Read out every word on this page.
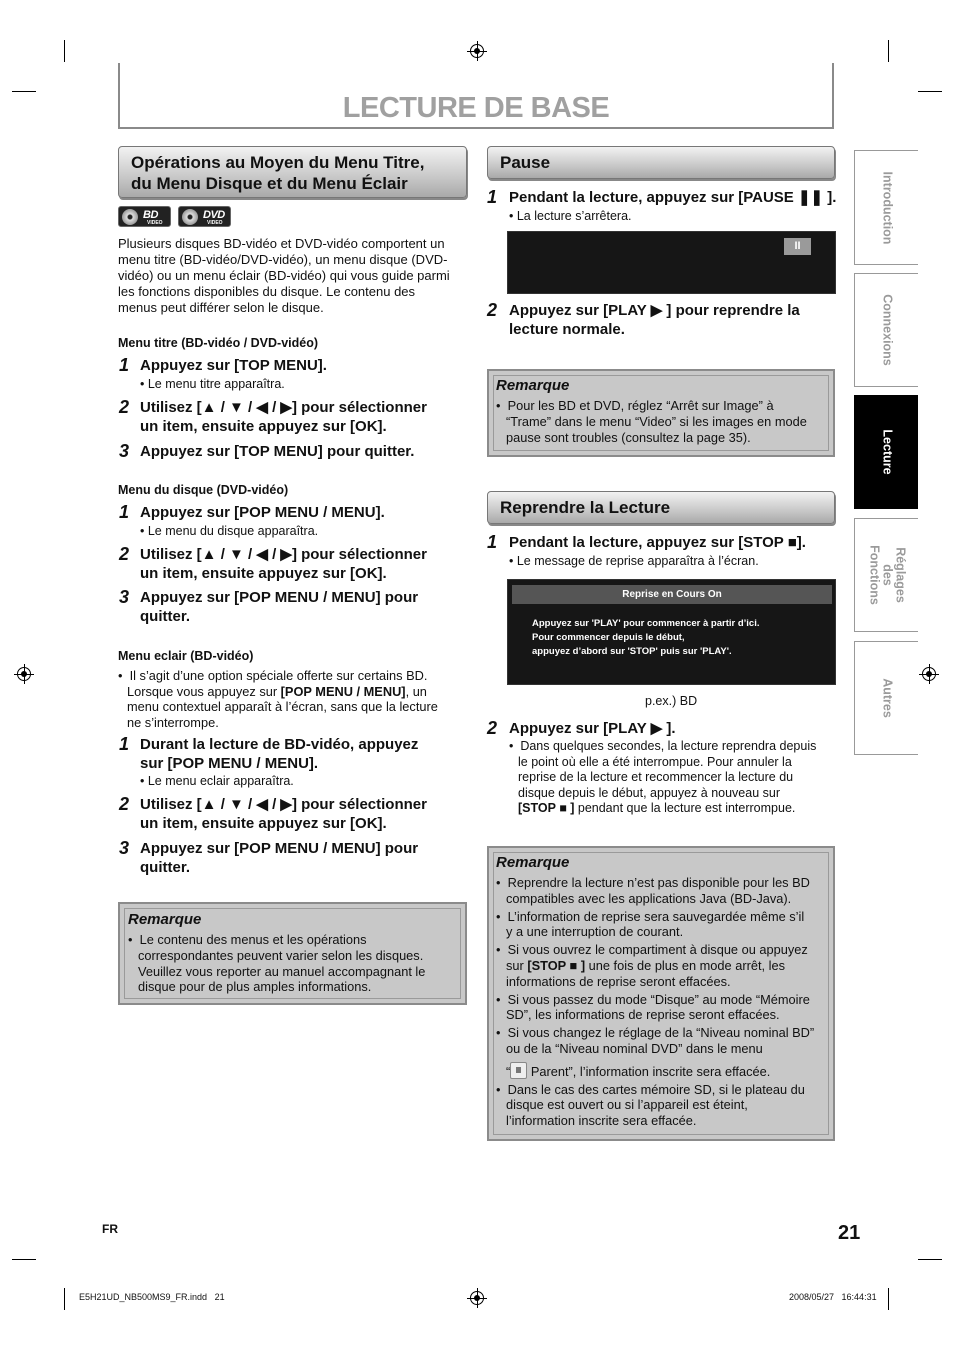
LECTURE DE BASE
Opérations au Moyen du Menu Titre,
du Menu Disque et du Menu Éclair
BD
VIDEO
DVD
VIDEO
Plusieurs disques BD-vidéo et DVD-vidéo comportent un
menu titre (BD-vidéo/DVD-vidéo), un menu disque (DVD-
vidéo) ou un menu éclair (BD-vidéo) qui vous guide parmi
les fonctions disponibles du disque. Le contenu des
menus peut différer selon le disque.
Menu titre (BD-vidéo / DVD-vidéo)
1 Appuyez sur [TOP MENU].
• Le menu titre apparaîtra.
2 Utilisez [▲ / ▼ / ◀ / ▶] pour sélectionner
un item, ensuite appuyez sur [OK].
3 Appuyez sur [TOP MENU] pour quitter.
Menu du disque (DVD-vidéo)
1 Appuyez sur [POP MENU / MENU].
• Le menu du disque apparaîtra.
2 Utilisez [▲ / ▼ / ◀ / ▶] pour sélectionner
un item, ensuite appuyez sur [OK].
3 Appuyez sur [POP MENU / MENU] pour
quitter.
Menu eclair (BD-vidéo)
•  Il s’agit d’une option spéciale offerte sur certains BD.
Lorsque vous appuyez sur [POP MENU / MENU], un
menu contextuel apparaît à l’écran, sans que la lecture
ne s’interrompe.
1 Durant la lecture de BD-vidéo, appuyez
sur [POP MENU / MENU].
• Le menu eclair apparaîtra.
2 Utilisez [▲ / ▼ / ◀ / ▶] pour sélectionner
un item, ensuite appuyez sur [OK].
3 Appuyez sur [POP MENU / MENU] pour
quitter.
Remarque
•  Le contenu des menus et les opérations
correspondantes peuvent varier selon les disques.
Veuillez vous reporter au manuel accompagnant le
disque pour de plus amples informations.
Pause
1 Pendant la lecture, appuyez sur [PAUSE ❚❚ ].
• La lecture s’arrêtera.
II
2 Appuyez sur [PLAY ▶ ] pour reprendre la
lecture normale.
Remarque
•  Pour les BD et DVD, réglez “Arrêt sur Image” à
“Trame” dans le menu “Video” si les images en mode
pause sont troubles (consultez la page 35).
Reprendre la Lecture
1 Pendant la lecture, appuyez sur [STOP ■].
• Le message de reprise apparaîtra à l’écran.
Reprise en Cours On
Appuyez sur 'PLAY' pour commencer à partir d’ici.
Pour commencer depuis le début,
appuyez d’abord sur 'STOP' puis sur 'PLAY'.
p.ex.) BD
2 Appuyez sur [PLAY ▶ ].
•  Dans quelques secondes, la lecture reprendra depuis
le point où elle a été interrompue. Pour annuler la
reprise de la lecture et recommencer la lecture du
disque depuis le début, appuyez à nouveau sur
[STOP ■ ] pendant que la lecture est interrompue.
Remarque
•  Reprendre la lecture n’est pas disponible pour les BD
compatibles avec les applications Java (BD-Java).
•  L’information de reprise sera sauvegardée même s’il
y a une interruption de courant.
•  Si vous ouvrez le compartiment à disque ou appuyez
sur [STOP ■ ] une fois de plus en mode arrêt, les
informations de reprise seront effacées.
•  Si vous passez du mode “Disque” au mode “Mémoire
SD”, les informations de reprise seront effacées.
•  Si vous changez le réglage de la “Niveau nominal BD”
ou de la “Niveau nominal DVD” dans le menu
“
Parent”, l’information inscrite sera effacée.
•  Dans le cas des cartes mémoire SD, si le plateau du
disque est ouvert ou si l’appareil est éteint,
l’information inscrite sera effacée.
Introduction
Connexions
Lecture
Réglages des Fonctions
Autres
FR	21
E5H21UD_NB500MS9_FR.indd   21	2008/05/27   16:44:31
